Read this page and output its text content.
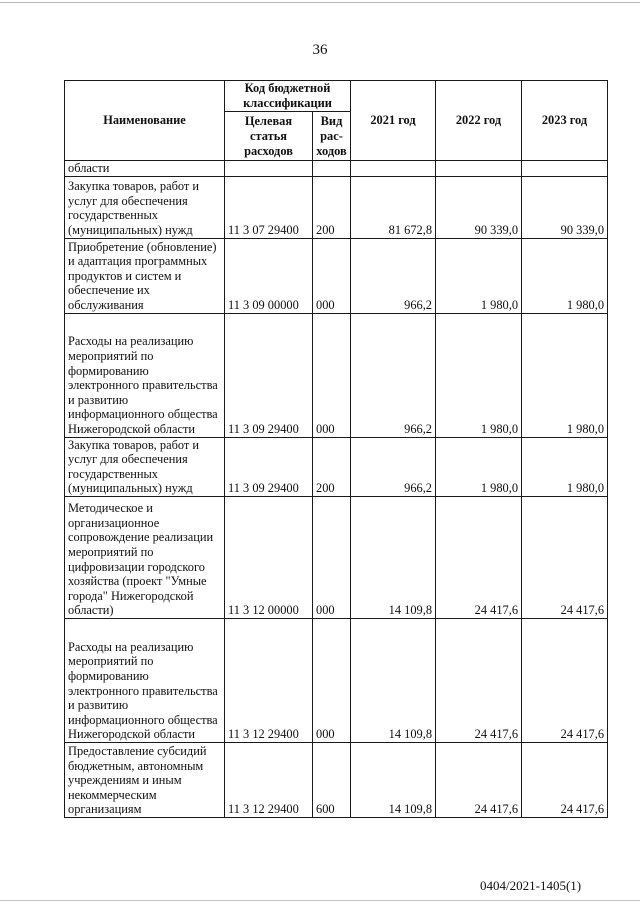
36
Наименование	Код бюджетной классификации		2021 год	2022 год	2023 год
	Целевая статья расходов	Вид рас-ходов			
области					
Закупка товаров, работ и услуг для обеспечения государственных (муниципальных) нужд	11 3 07 29400	200	81 672,8	90 339,0	90 339,0
Приобретение (обновление) и адаптация программных продуктов и систем и обеспечение их обслуживания	11 3 09 00000	000	966,2	1 980,0	1 980,0
Расходы на реализацию мероприятий по формированию электронного правительства и развитию информационного общества Нижегородской области	11 3 09 29400	000	966,2	1 980,0	1 980,0
Закупка товаров, работ и услуг для обеспечения государственных (муниципальных) нужд	11 3 09 29400	200	966,2	1 980,0	1 980,0
Методическое и организационное сопровождение реализации мероприятий по цифровизации городского хозяйства (проект "Умные города" Нижегородской области)	11 3 12 00000	000	14 109,8	24 417,6	24 417,6
Расходы на реализацию мероприятий по формированию электронного правительства и развитию информационного общества Нижегородской области	11 3 12 29400	000	14 109,8	24 417,6	24 417,6
Предоставление субсидий бюджетным, автономным учреждениям и иным некоммерческим организациям	11 3 12 29400	600	14 109,8	24 417,6	24 417,6
0404/2021-1405(1)
